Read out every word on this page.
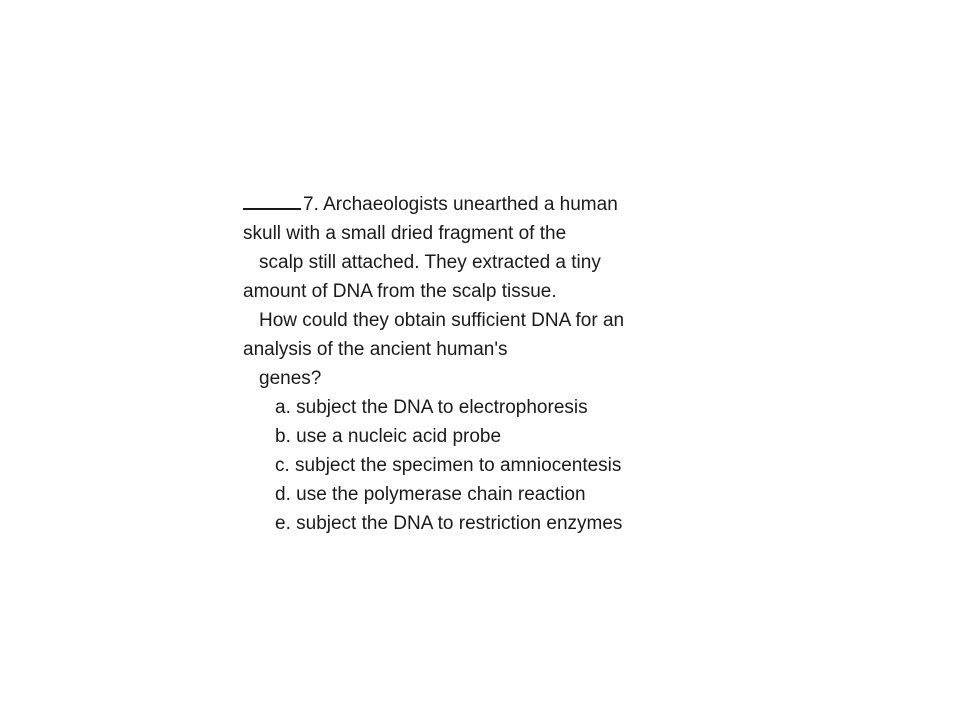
7. Archaeologists unearthed a human
skull with a small dried fragment of the
scalp still attached. They extracted a tiny
amount of DNA from the scalp tissue.
How could they obtain sufficient DNA for an
analysis of the ancient human's
genes?
a. subject the DNA to electrophoresis
b. use a nucleic acid probe
c. subject the specimen to amniocentesis
d. use the polymerase chain reaction
e. subject the DNA to restriction enzymes
